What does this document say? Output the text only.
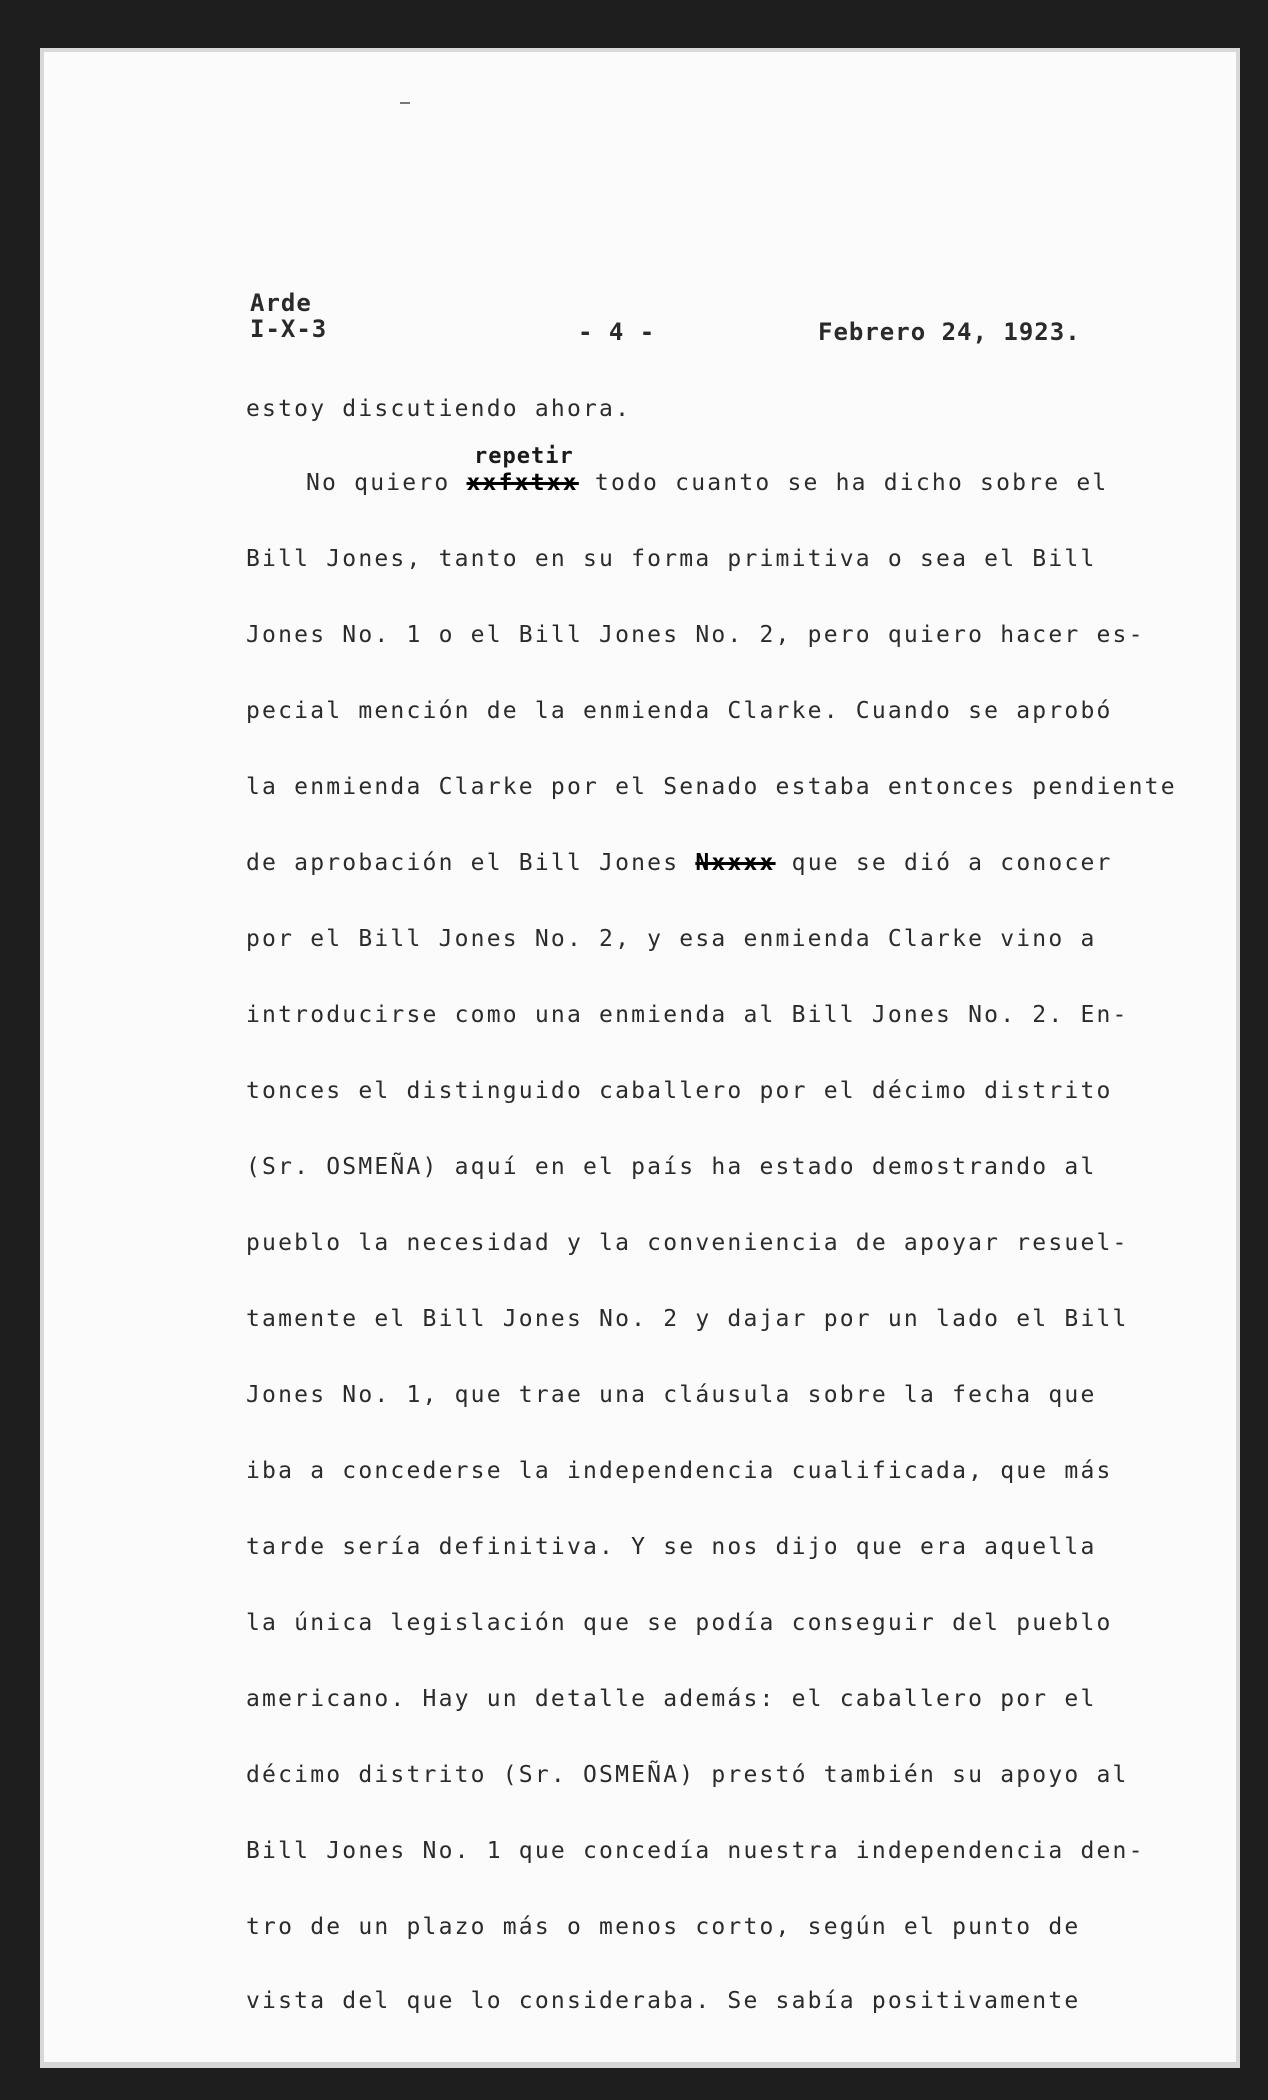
Arde
I-X-3	- 4 -	Febrero 24, 1923.
repetir
estoy discutiendo ahora.
No quiero xxfxtxx todo cuanto se ha dicho sobre el
Bill Jones, tanto en su forma primitiva o sea el Bill
Jones No. 1 o el Bill Jones No. 2, pero quiero hacer es-
pecial mención de la enmienda Clarke. Cuando se aprobó
la enmienda Clarke por el Senado estaba entonces pendiente
de aprobación el Bill Jones Nxxxx que se dió a conocer
por el Bill Jones No. 2, y esa enmienda Clarke vino a
introducirse como una enmienda al Bill Jones No. 2. En-
tonces el distinguido caballero por el décimo distrito
(Sr. OSMEÑA) aquí en el país ha estado demostrando al
pueblo la necesidad y la conveniencia de apoyar resuel-
tamente el Bill Jones No. 2 y dajar por un lado el Bill
Jones No. 1, que trae una cláusula sobre la fecha que
iba a concederse la independencia cualificada, que más
tarde sería definitiva. Y se nos dijo que era aquella
la única legislación que se podía conseguir del pueblo
americano. Hay un detalle además: el caballero por el
décimo distrito (Sr. OSMEÑA) prestó también su apoyo al
Bill Jones No. 1 que concedía nuestra independencia den-
tro de un plazo más o menos corto, según el punto de
vista del que lo consideraba. Se sabía positivamente
